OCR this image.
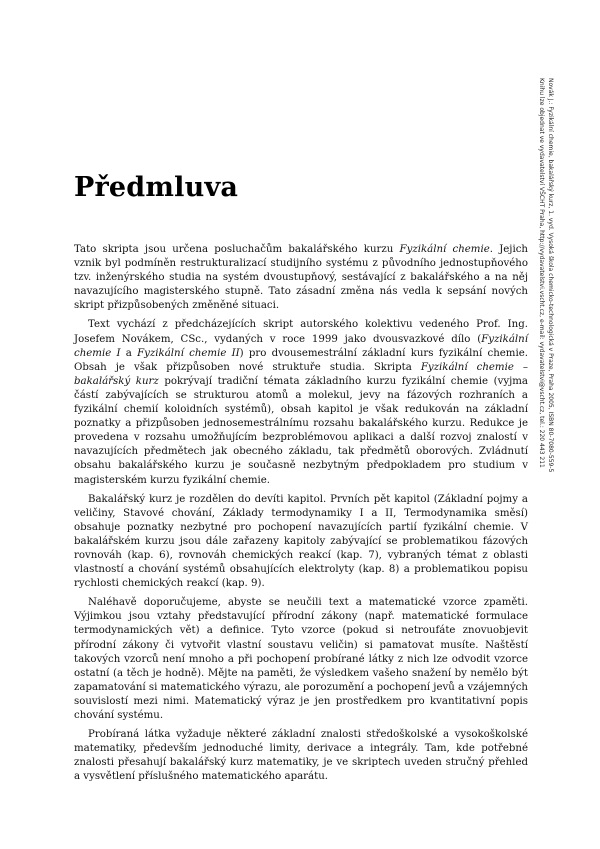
Novák J.: Fyzikální chemie, bakalářský kurz, 1. vyd. Vysoká škola chemicko-technologická v Praze, Praha 2005, ISBN 80-7080-559-5
Knihu lze objednat ve vydavatelství VŠCHT Praha, http://vydavatelstvi.vscht.cz, e-mail: vydavatelstvi@vscht.cz, tel.: 220 443 211
Předmluva

Tato skripta jsou určena posluchačům bakalářského kurzu Fyzikální chemie. Jejich vznik byl podmíněn restrukturalizací studijního systému z původního jednostupňového tzv. inženýrského studia na systém dvoustupňový, sestávající z bakalářského a na něj navazujícího magisterského stupně. Tato zásadní změna nás vedla k sepsání nových skript přizpůsobených změněné situaci.

Text vychází z předcházejících skript autorského kolektivu vedeného Prof. Ing. Josefem Novákem, CSc., vydaných v roce 1999 jako dvousvazkové dílo (Fyzikální chemie I a Fyzikální chemie II) pro dvousemestrální základní kurs fyzikální chemie. Obsah je však přizpůsoben nové struktuře studia. Skripta Fyzikální chemie – bakalářský kurz pokrývají tradiční témata základního kurzu fyzikální chemie (vyjma částí zabývajících se strukturou atomů a molekul, jevy na fázových rozhraních a fyzikální chemií koloidních systémů), obsah kapitol je však redukován na základní poznatky a přizpůsoben jednosemestrálnímu rozsahu bakalářského kurzu. Redukce je provedena v rozsahu umožňujícím bezproblémovou aplikaci a další rozvoj znalostí v navazujících předmětech jak obecného základu, tak předmětů oborových. Zvládnutí obsahu bakalářského kurzu je současně nezbytným předpokladem pro studium v magisterském kurzu fyzikální chemie.

Bakalářský kurz je rozdělen do devíti kapitol. Prvních pět kapitol (Základní pojmy a veličiny, Stavové chování, Základy termodynamiky I a II, Termodynamika směsí) obsahuje poznatky nezbytné pro pochopení navazujících partií fyzikální chemie. V bakalářském kurzu jsou dále zařazeny kapitoly zabývající se problematikou fázových rovnováh (kap. 6), rovnováh chemických reakcí (kap. 7), vybraných témat z oblasti vlastností a chování systémů obsahujících elektrolyty (kap. 8) a problematikou popisu rychlosti chemických reakcí (kap. 9).

Naléhavě doporučujeme, abyste se neučili text a matematické vzorce zpaměti. Výjimkou jsou vztahy představující přírodní zákony (např. matematické formulace termodynamických vět) a definice. Tyto vzorce (pokud si netroufáte znovuobjevit přírodní zákony či vytvořit vlastní soustavu veličin) si pamatovat musíte. Naštěstí takových vzorců není mnoho a při pochopení probírané látky z nich lze odvodit vzorce ostatní (a těch je hodně). Mějte na paměti, že výsledkem vašeho snažení by nemělo být zapamatování si matematického výrazu, ale porozumění a pochopení jevů a vzájemných souvislostí mezi nimi. Matematický výraz je jen prostředkem pro kvantitativní popis chování systému.

Probíraná látka vyžaduje některé základní znalosti středoškolské a vysokoškolské matematiky, především jednoduché limity, derivace a integrály. Tam, kde potřebné znalosti přesahují bakalářský kurz matematiky, je ve skriptech uveden stručný přehled a vysvětlení příslušného matematického aparátu.
